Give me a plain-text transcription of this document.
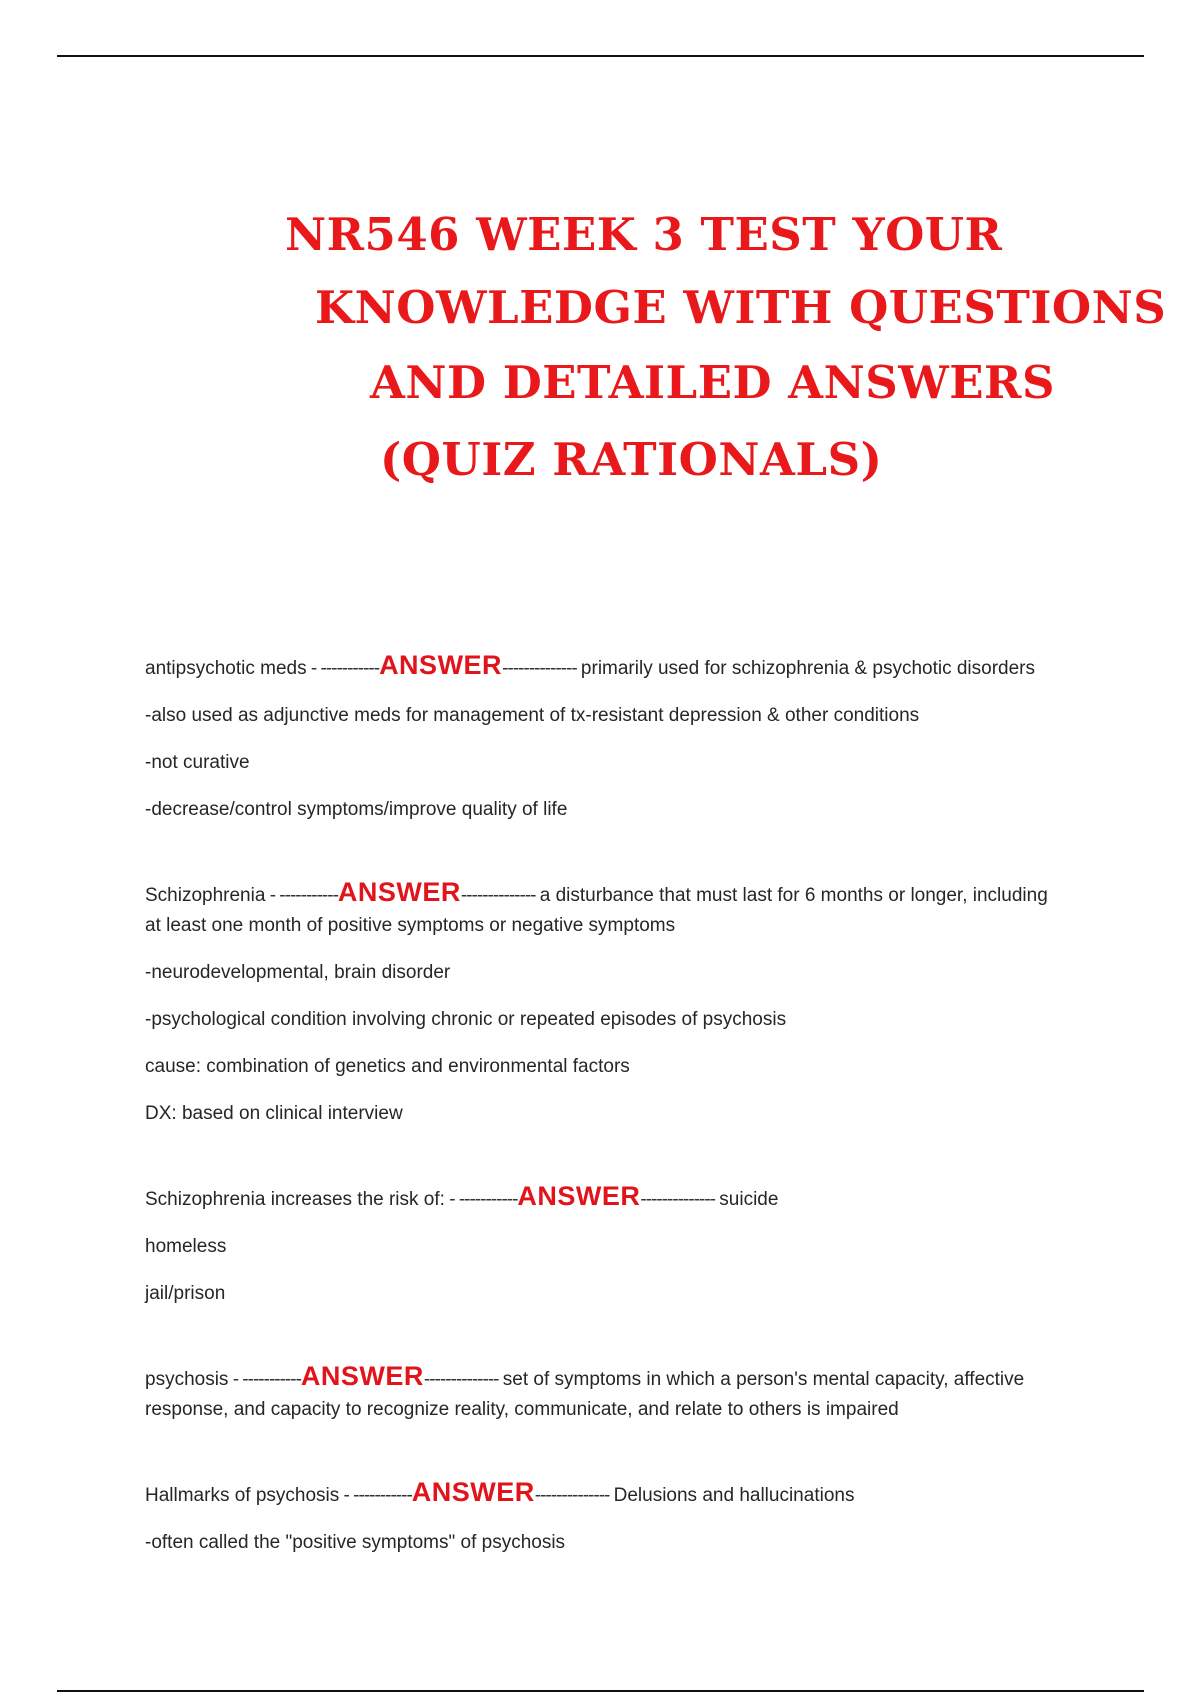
NR546 WEEK 3 TEST YOUR
KNOWLEDGE WITH QUESTIONS
AND DETAILED ANSWERS
(QUIZ RATIONALS)

antipsychotic meds - -----------ANSWER-------------- primarily used for schizophrenia & psychotic disorders

-also used as adjunctive meds for management of tx-resistant depression & other conditions

-not curative

-decrease/control symptoms/improve quality of life

Schizophrenia - -----------ANSWER-------------- a disturbance that must last for 6 months or longer, including at least one month of positive symptoms or negative symptoms

-neurodevelopmental, brain disorder

-psychological condition involving chronic or repeated episodes of psychosis

cause: combination of genetics and environmental factors

DX: based on clinical interview

Schizophrenia increases the risk of: - -----------ANSWER-------------- suicide

homeless

jail/prison

psychosis - -----------ANSWER-------------- set of symptoms in which a person's mental capacity, affective response, and capacity to recognize reality, communicate, and relate to others is impaired

Hallmarks of psychosis - -----------ANSWER-------------- Delusions and hallucinations

-often called the "positive symptoms" of psychosis
